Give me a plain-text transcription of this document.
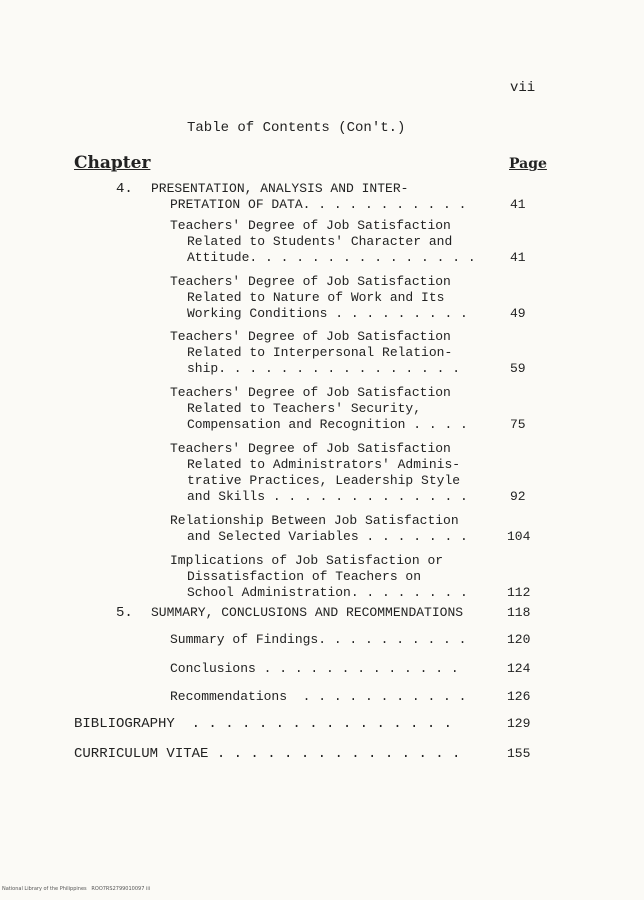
vii
Table of Contents (Con't.)
Chapter	Page
4. PRESENTATION, ANALYSIS AND INTER-
PRETATION OF DATA. . . . . . . . . . .	41
Teachers' Degree of Job Satisfaction
Related to Students' Character and
Attitude. . . . . . . . . . . . . . .	41
Teachers' Degree of Job Satisfaction
Related to Nature of Work and Its
Working Conditions . . . . . . . . .	49
Teachers' Degree of Job Satisfaction
Related to Interpersonal Relation-
ship. . . . . . . . . . . . . . . .	59
Teachers' Degree of Job Satisfaction
Related to Teachers' Security,
Compensation and Recognition . . . .	75
Teachers' Degree of Job Satisfaction
Related to Administrators' Adminis-
trative Practices, Leadership Style
and Skills . . . . . . . . . . . . .	92
Relationship Between Job Satisfaction
and Selected Variables . . . . . . .	104
Implications of Job Satisfaction or
Dissatisfaction of Teachers on
School Administration. . . . . . . .	112
5. SUMMARY, CONCLUSIONS AND RECOMMENDATIONS	118
Summary of Findings. . . . . . . . . .	120
Conclusions . . . . . . . . . . . . .	124
Recommendations  . . . . . . . . . . .	126
BIBLIOGRAPHY  . . . . . . . . . . . . . . . .	129
CURRICULUM VITAE . . . . . . . . . . . . . . .	155
National Library of the Philippines   ROO7RS2799010097 iii
